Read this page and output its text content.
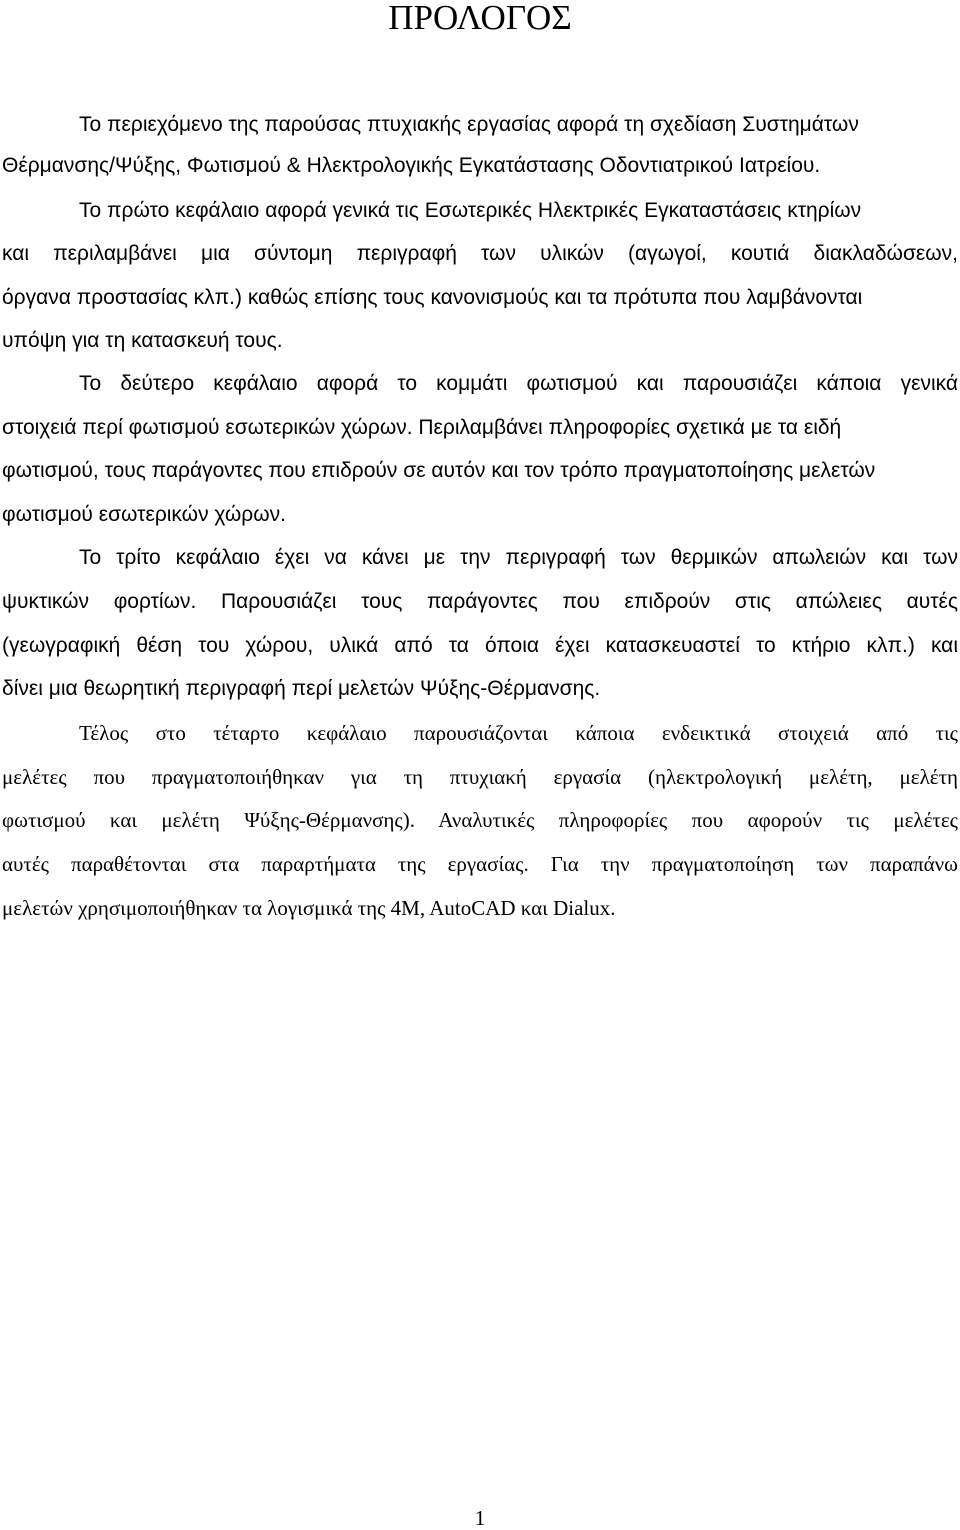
ΠΡΟΛΟΓΟΣ
Το περιεχόμενο της παρούσας πτυχιακής εργασίας αφορά τη σχεδίαση Συστημάτων
Θέρμανσης/Ψύξης, Φωτισμού & Ηλεκτρολογικής Εγκατάστασης Οδοντιατρικού Ιατρείου.
Το πρώτο κεφάλαιο αφορά γενικά τις Εσωτερικές Ηλεκτρικές Εγκαταστάσεις κτηρίων
και περιλαμβάνει μια σύντομη περιγραφή των υλικών (αγωγοί, κουτιά διακλαδώσεων,
όργανα προστασίας κλπ.) καθώς επίσης τους κανονισμούς και τα πρότυπα που λαμβάνονται
υπόψη για τη κατασκευή τους.
Το δεύτερο κεφάλαιο αφορά το κομμάτι φωτισμού και παρουσιάζει κάποια γενικά
στοιχειά περί φωτισμού εσωτερικών χώρων. Περιλαμβάνει πληροφορίες σχετικά με τα ειδή
φωτισμού, τους παράγοντες που επιδρούν σε αυτόν και τον τρόπο πραγματοποίησης μελετών
φωτισμού εσωτερικών χώρων.
Το τρίτο κεφάλαιο έχει να κάνει με την περιγραφή των θερμικών απωλειών και των
ψυκτικών φορτίων. Παρουσιάζει τους παράγοντες που επιδρούν στις απώλειες αυτές
(γεωγραφική θέση του χώρου, υλικά από τα όποια έχει κατασκευαστεί το κτήριο κλπ.) και
δίνει μια θεωρητική περιγραφή περί μελετών Ψύξης-Θέρμανσης.
Τέλος στο τέταρτο κεφάλαιο παρουσιάζονται κάποια ενδεικτικά στοιχειά από τις
μελέτες που πραγματοποιήθηκαν για τη πτυχιακή εργασία (ηλεκτρολογική μελέτη, μελέτη
φωτισμού και μελέτη Ψύξης-Θέρμανσης). Αναλυτικές πληροφορίες που αφορούν τις μελέτες
αυτές παραθέτονται στα παραρτήματα της εργασίας. Για την πραγματοποίηση των παραπάνω
μελετών χρησιμοποιήθηκαν τα λογισμικά της 4M, AutoCAD και Dialux.
1
